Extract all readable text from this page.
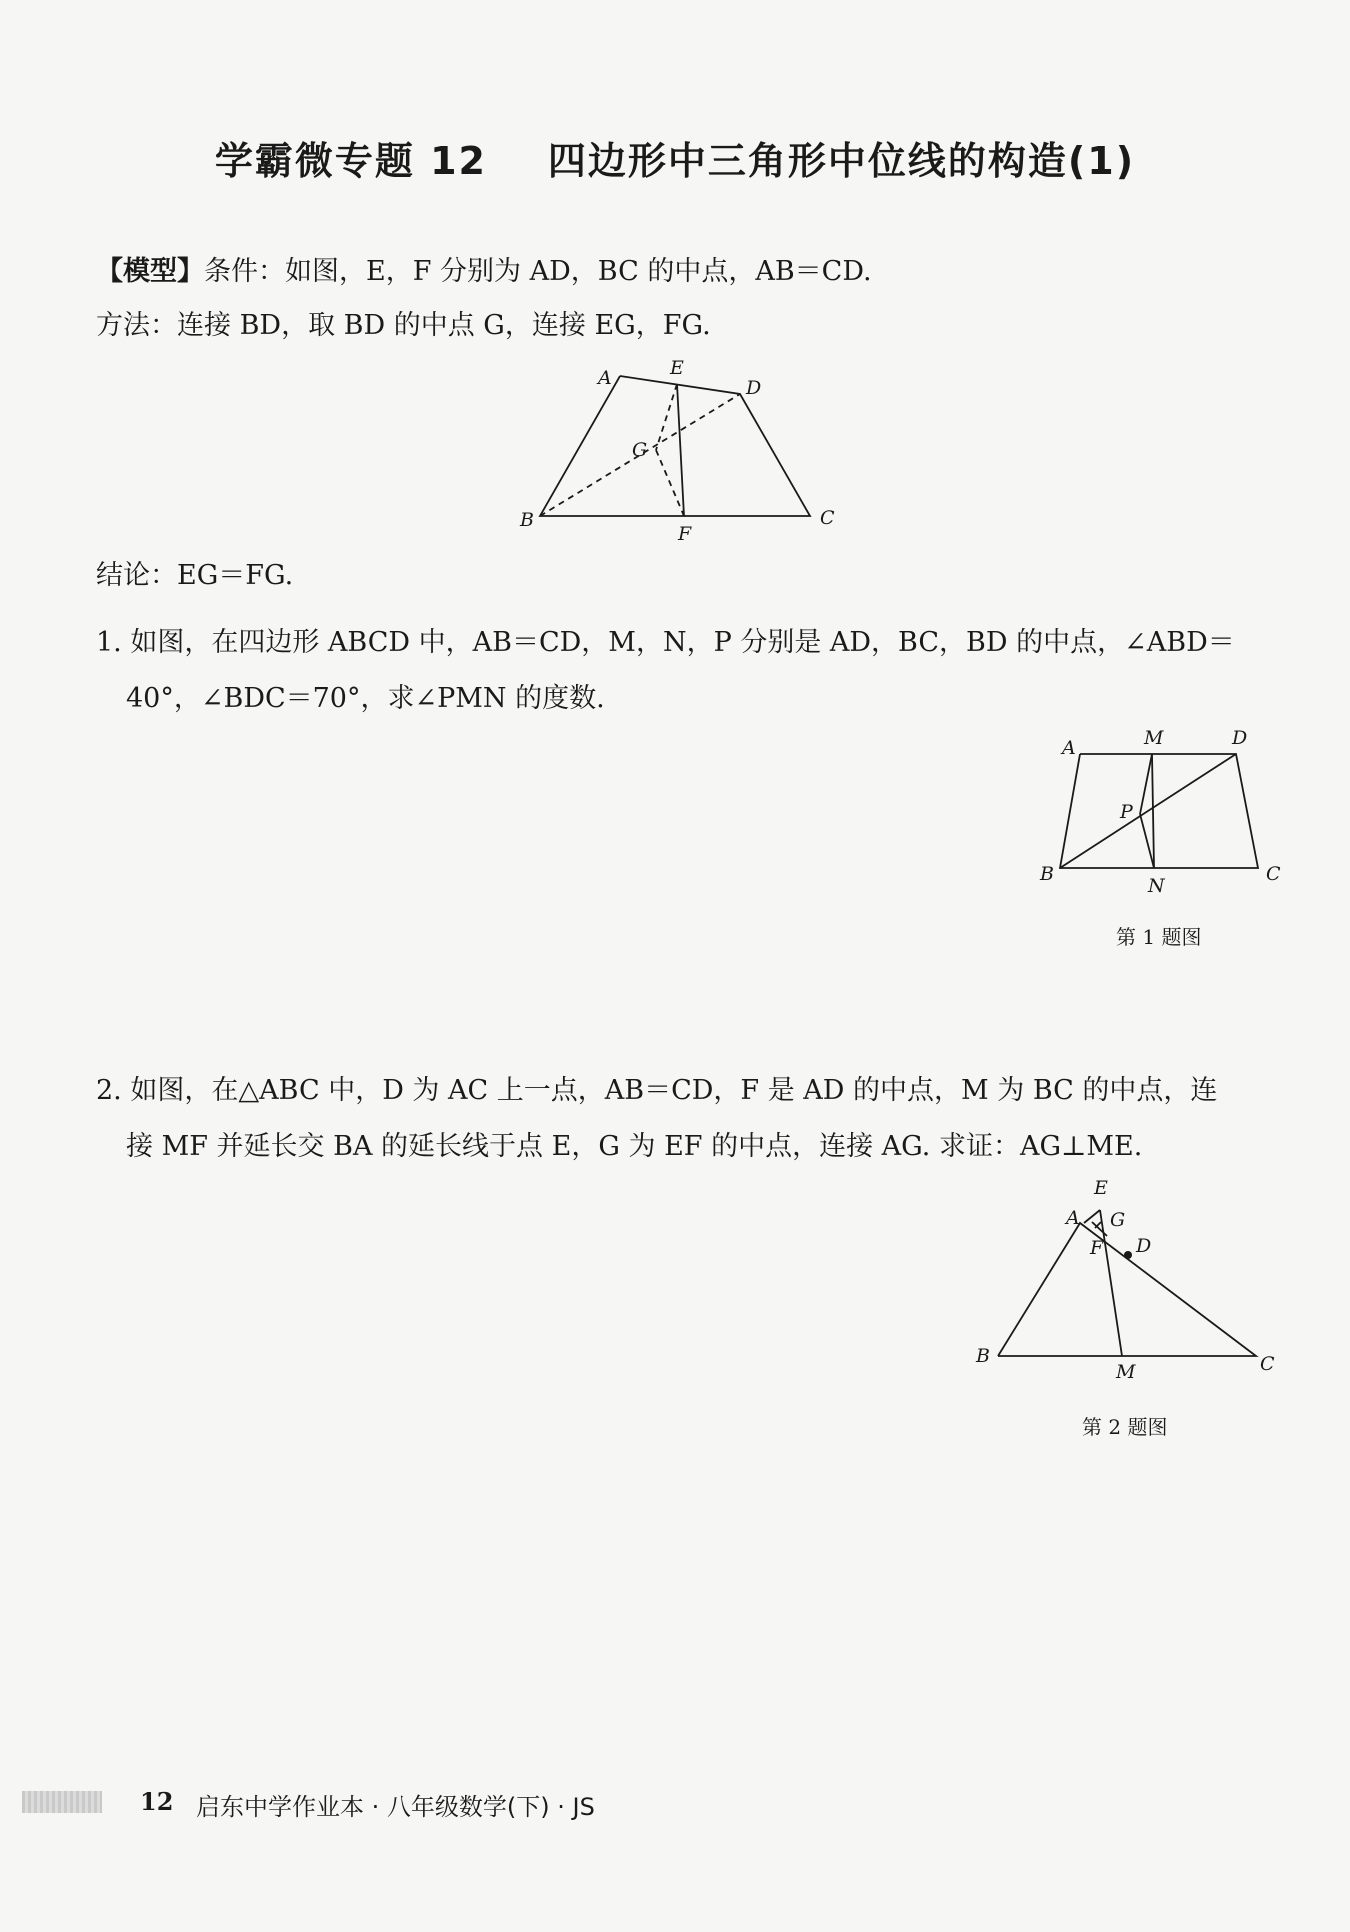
学霸微专题 12    四边形中三角形中位线的构造(1)
【模型】条件：如图，E，F 分别为 AD，BC 的中点，AB＝CD.
方法：连接 BD，取 BD 的中点 G，连接 EG，FG.
A	E
D
G
B
F
C
结论：EG＝FG.
1. 如图，在四边形 ABCD 中，AB＝CD，M，N，P 分别是 AD，BC，BD 的中点，∠ABD＝
40°，∠BDC＝70°，求∠PMN 的度数.
A	M	D
P
B
N
C
第 1 题图
2. 如图，在△ABC 中，D 为 AC 上一点，AB＝CD，F 是 AD 的中点，M 为 BC 的中点，连
接 MF 并延长交 BA 的延长线于点 E，G 为 EF 的中点，连接 AG. 求证：AG⊥ME.
E
A G
F D
B
M	C
第 2 题图
12 启东中学作业本 · 八年级数学(下) · JS
